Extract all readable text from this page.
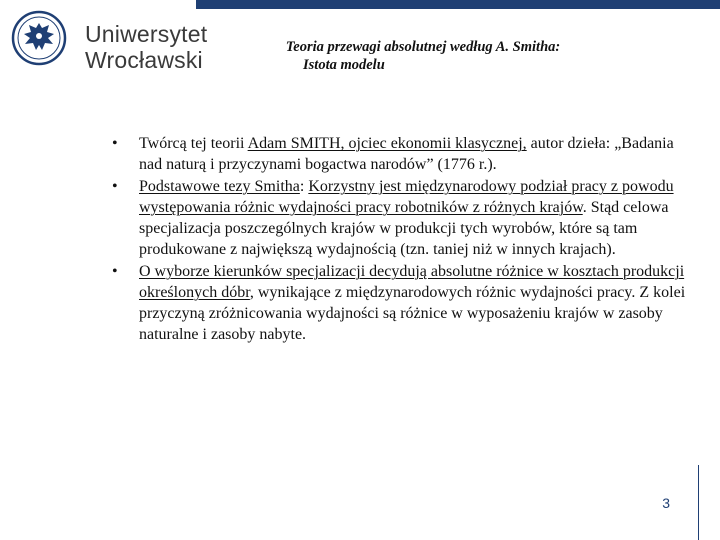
Uniwersytet
Wrocławski	Teoria przewagi absolutnej według A. Smitha:
Istota modelu
•	Twórcą tej teorii Adam SMITH, ojciec ekonomii klasycznej, autor dzieła: „Badania nad naturą i przyczynami bogactwa narodów” (1776 r.).
•	Podstawowe tezy Smitha: Korzystny jest międzynarodowy podział pracy z powodu występowania różnic wydajności pracy robotników z różnych krajów. Stąd celowa specjalizacja poszczególnych krajów w produkcji tych wyrobów, które są tam produkowane z największą wydajnością (tzn. taniej niż w innych krajach).
•	O wyborze kierunków specjalizacji decydują absolutne różnice w kosztach produkcji określonych dóbr, wynikające z międzynarodowych różnic wydajności pracy. Z kolei przyczyną zróżnicowania wydajności są różnice w wyposażeniu krajów w zasoby naturalne i zasoby nabyte.
3
